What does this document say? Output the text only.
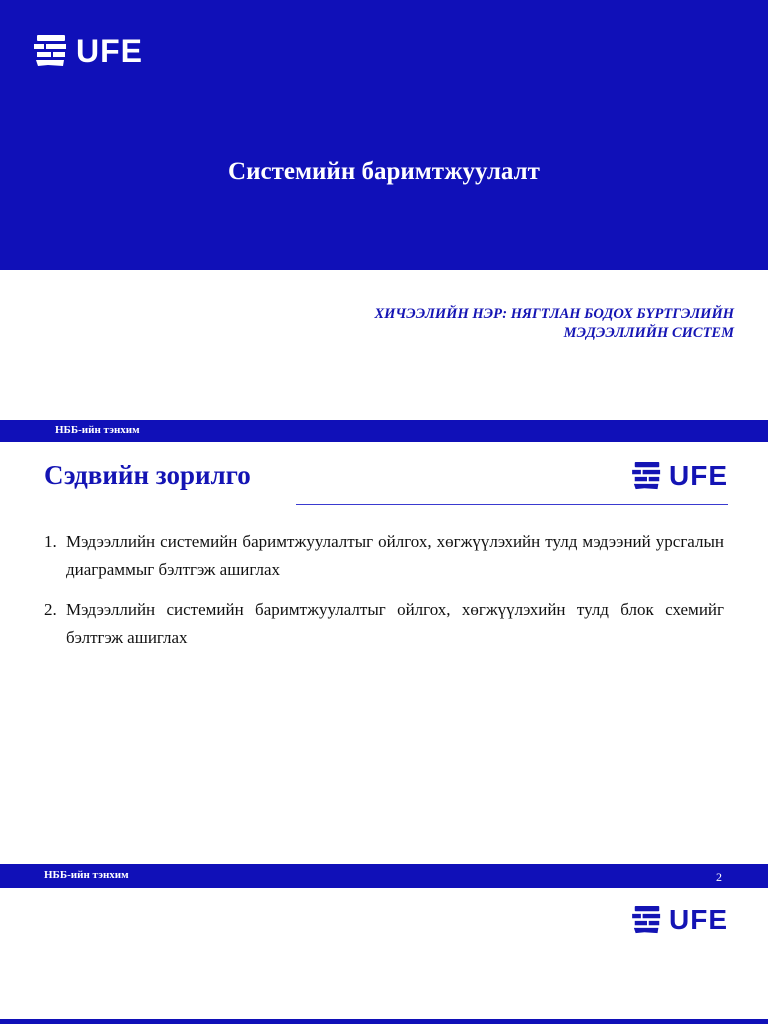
UFE
Системийн баримтжуулалт
ХИЧЭЭЛИЙН НЭР: НЯГТЛАН БОДОХ БҮРТГЭЛИЙН
МЭДЭЭЛЛИЙН СИСТЕМ
НББ-ийн тэнхим
Сэдвийн зорилго	UFE
1. Мэдээллийн системийн баримтжуулалтыг ойлгох, хөгжүүлэхийн тулд мэдээний урсгалын диаграммыг бэлтгэж ашиглах
2. Мэдээллийн системийн баримтжуулалтыг ойлгох, хөгжүүлэхийн тулд блок схемийг бэлтгэж ашиглах
НББ-ийн тэнхим	2
UFE
